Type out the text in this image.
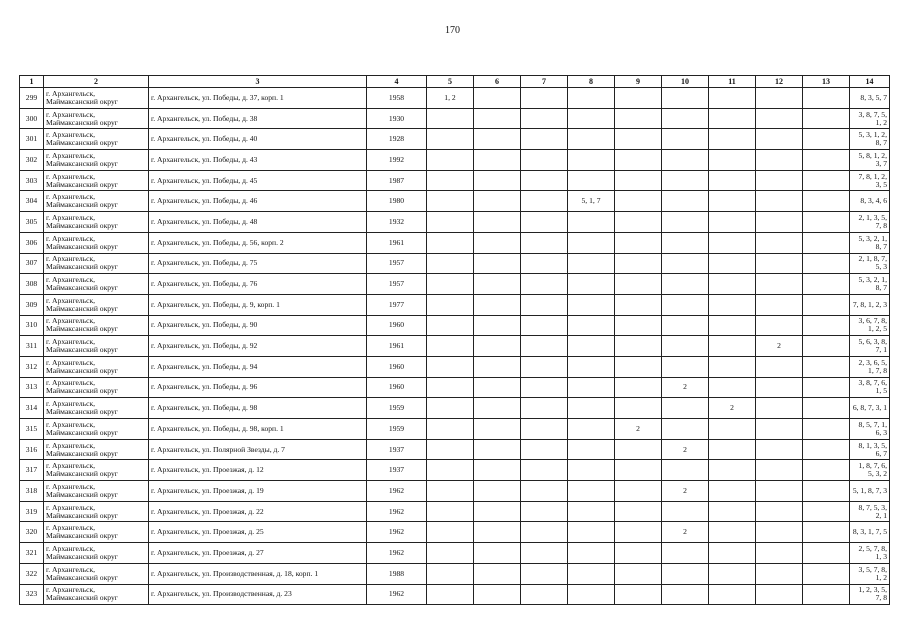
170
1	2	3	4	5	6	7	8	9	10	11	12	13	14
299	г. Архангельск, Маймаксанский округ	г. Архангельск, ул. Победы, д. 37, корп. 1	1958	1, 2									8, 3, 5, 7
300	г. Архангельск, Маймаксанский округ	г. Архангельск, ул. Победы, д. 38	1930										3, 8, 7, 5, 1, 2
301	г. Архангельск, Маймаксанский округ	г. Архангельск, ул. Победы, д. 40	1928										5, 3, 1, 2, 8, 7
302	г. Архангельск, Маймаксанский округ	г. Архангельск, ул. Победы, д. 43	1992										5, 8, 1, 2, 3, 7
303	г. Архангельск, Маймаксанский округ	г. Архангельск, ул. Победы, д. 45	1987										7, 8, 1, 2, 3, 5
304	г. Архангельск, Маймаксанский округ	г. Архангельск, ул. Победы, д. 46	1980				5, 1, 7						8, 3, 4, 6
305	г. Архангельск, Маймаксанский округ	г. Архангельск, ул. Победы, д. 48	1932										2, 1, 3, 5, 7, 8
306	г. Архангельск, Маймаксанский округ	г. Архангельск, ул. Победы, д. 56, корп. 2	1961										5, 3, 2, 1, 8, 7
307	г. Архангельск, Маймаксанский округ	г. Архангельск, ул. Победы, д. 75	1957										2, 1, 8, 7, 5, 3
308	г. Архангельск, Маймаксанский округ	г. Архангельск, ул. Победы, д. 76	1957										5, 3, 2, 1, 8, 7
309	г. Архангельск, Маймаксанский округ	г. Архангельск, ул. Победы, д. 9, корп. 1	1977										7, 8, 1, 2, 3
310	г. Архангельск, Маймаксанский округ	г. Архангельск, ул. Победы, д. 90	1960										3, 6, 7, 8, 1, 2, 5
311	г. Архангельск, Маймаксанский округ	г. Архангельск, ул. Победы, д. 92	1961								2		5, 6, 3, 8, 7, 1
312	г. Архангельск, Маймаксанский округ	г. Архангельск, ул. Победы, д. 94	1960										2, 3, 6, 5, 1, 7, 8
313	г. Архангельск, Маймаксанский округ	г. Архангельск, ул. Победы, д. 96	1960						2				3, 8, 7, 6, 1, 5
314	г. Архангельск, Маймаксанский округ	г. Архангельск, ул. Победы, д. 98	1959							2			6, 8, 7, 3, 1
315	г. Архангельск, Маймаксанский округ	г. Архангельск, ул. Победы, д. 98, корп. 1	1959					2					8, 5, 7, 1, 6, 3
316	г. Архангельск, Маймаксанский округ	г. Архангельск, ул. Полярной Звезды, д. 7	1937						2				8, 1, 3, 5, 6, 7
317	г. Архангельск, Маймаксанский округ	г. Архангельск, ул. Проезжая, д. 12	1937										1, 8, 7, 6, 5, 3, 2
318	г. Архангельск, Маймаксанский округ	г. Архангельск, ул. Проезжая, д. 19	1962						2				5, 1, 8, 7, 3
319	г. Архангельск, Маймаксанский округ	г. Архангельск, ул. Проезжая, д. 22	1962										8, 7, 5, 3, 2, 1
320	г. Архангельск, Маймаксанский округ	г. Архангельск, ул. Проезжая, д. 25	1962						2				8, 3, 1, 7, 5
321	г. Архангельск, Маймаксанский округ	г. Архангельск, ул. Проезжая, д. 27	1962										2, 5, 7, 8, 1, 3
322	г. Архангельск, Маймаксанский округ	г. Архангельск, ул. Производственная, д. 18, корп. 1	1988										3, 5, 7, 8, 1, 2
323	г. Архангельск, Маймаксанский округ	г. Архангельск, ул. Производственная, д. 23	1962										1, 2, 3, 5, 7, 8
